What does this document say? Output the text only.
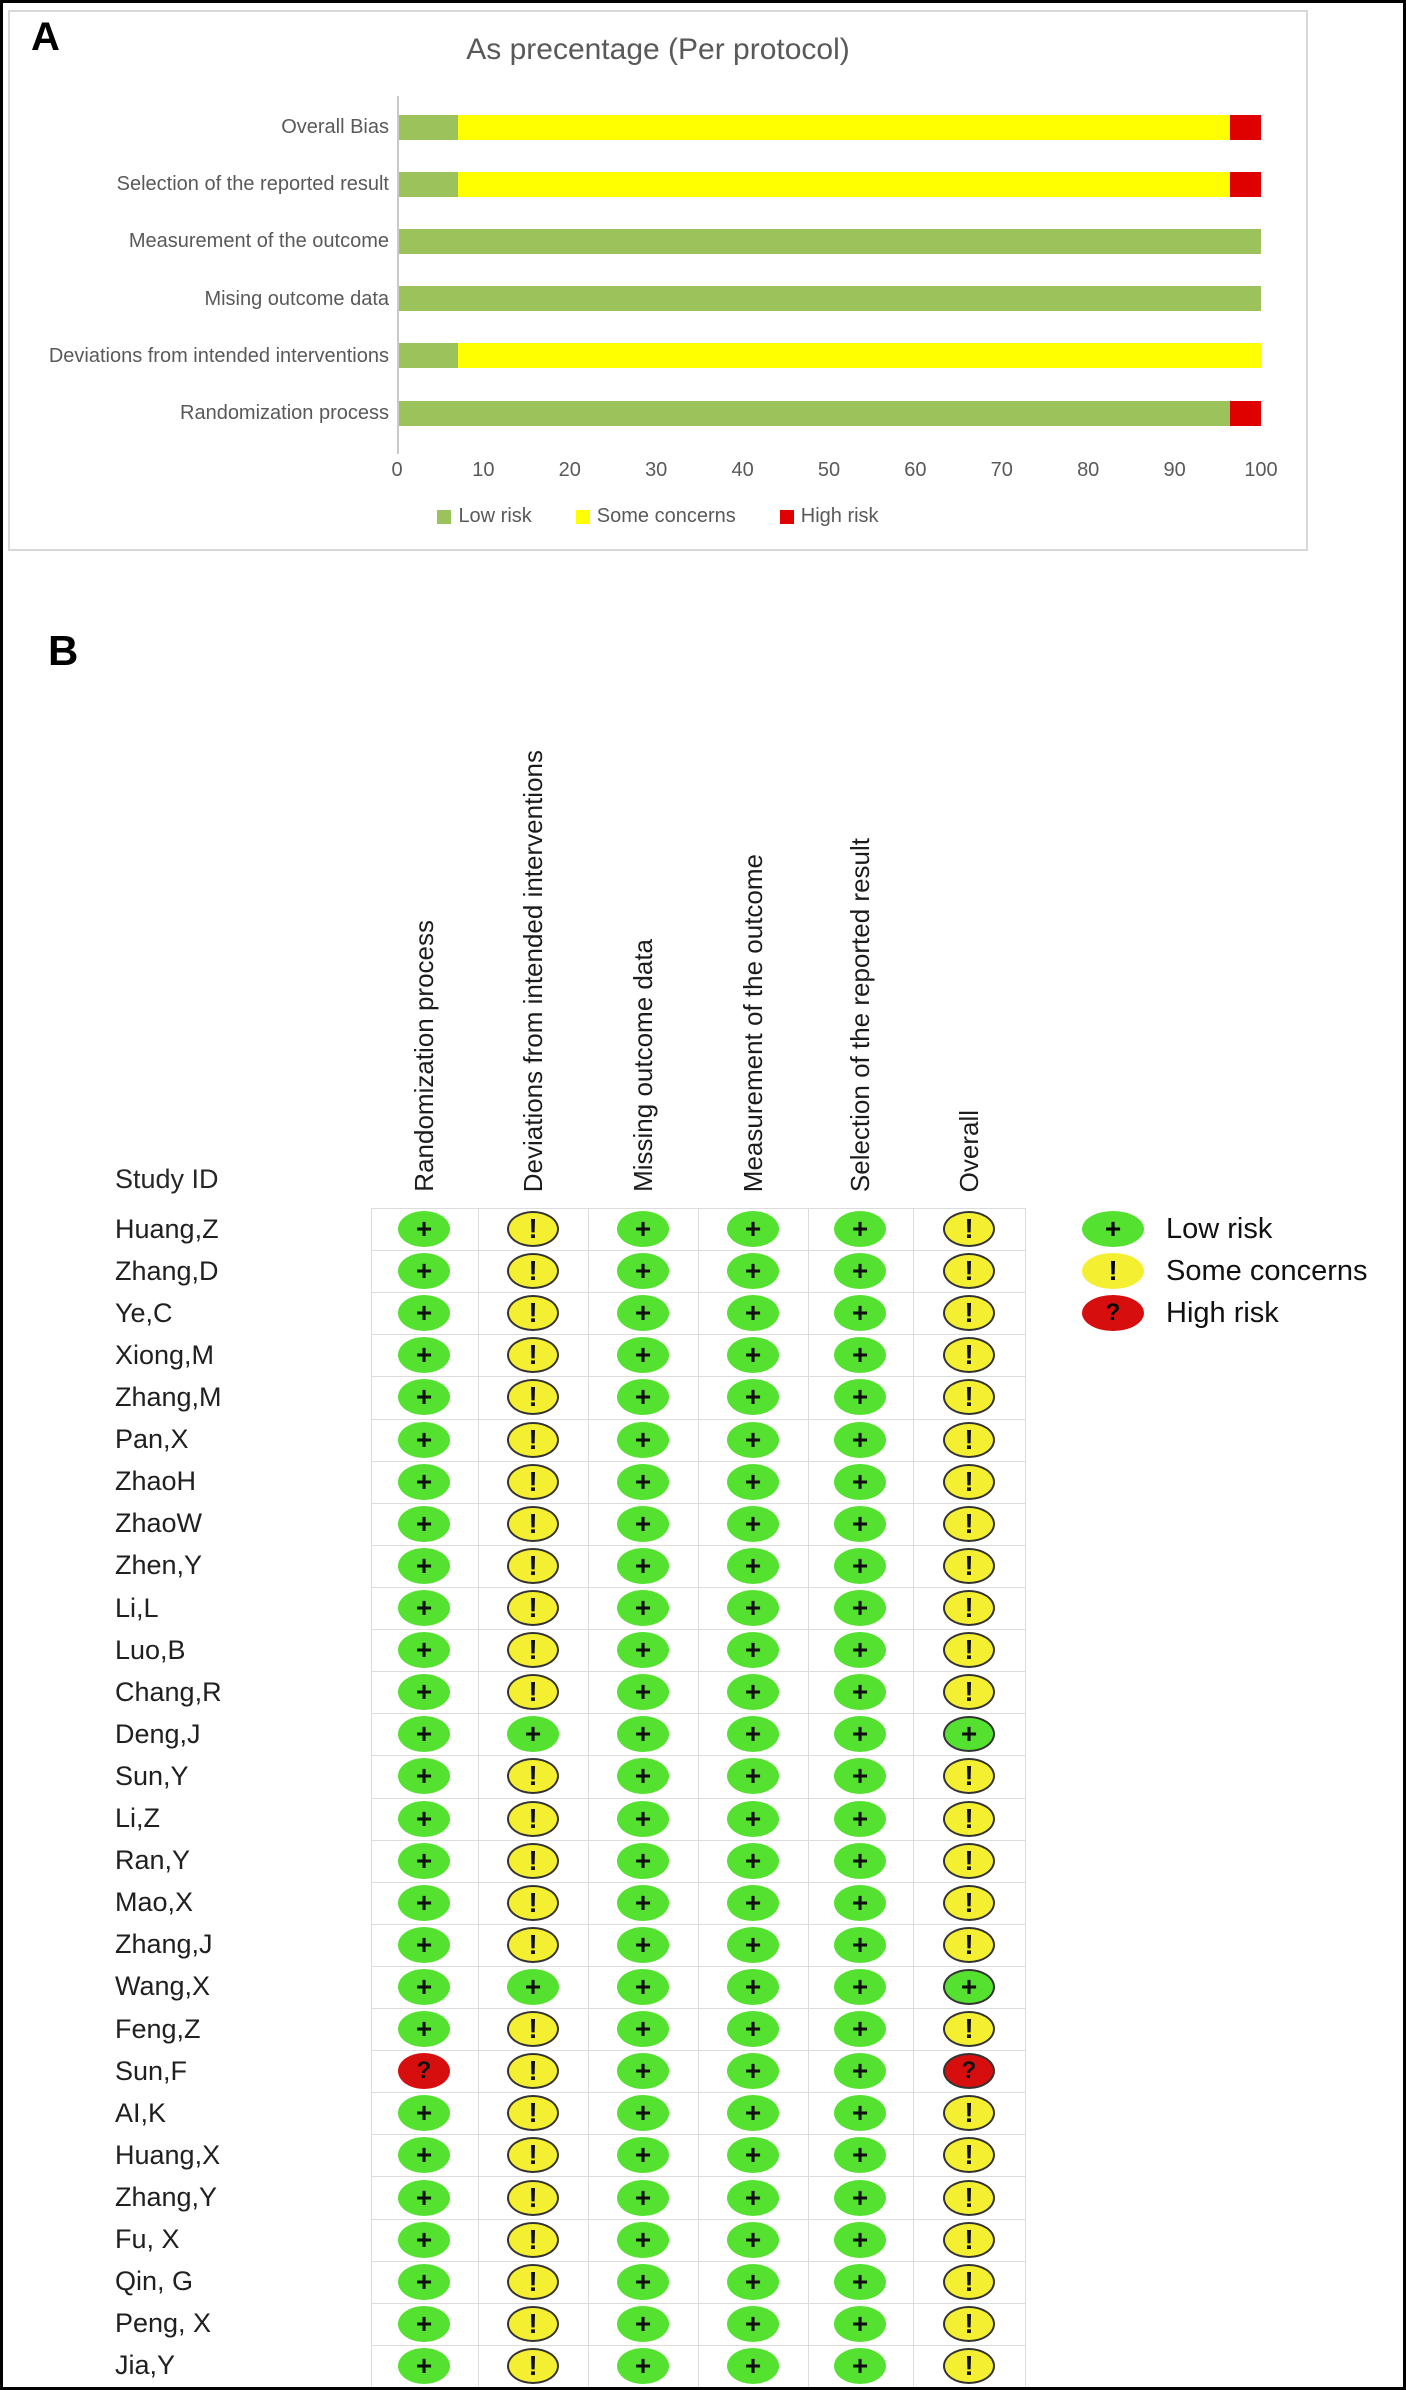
A	As precentage (Per protocol)
Overall Bias
Selection of the reported result
Measurement of the outcome
Mising outcome data
Deviations from intended interventions
Randomization process
0	10	20	30	40	50	60	70	80	90	100
Low risk	Some concerns	High risk
B
Study ID	Randomization process	Deviations from intended interventions	Missing outcome data	Measurement of the outcome	Selection of the reported result	Overall
Huang,Z	+	!	+	+	+	!
Zhang,D	+	!	+	+	+	!
Ye,C	+	!	+	+	+	!
Xiong,M	+	!	+	+	+	!
Zhang,M	+	!	+	+	+	!
Pan,X	+	!	+	+	+	!
ZhaoH	+	!	+	+	+	!
ZhaoW	+	!	+	+	+	!
Zhen,Y	+	!	+	+	+	!
Li,L	+	!	+	+	+	!
Luo,B	+	!	+	+	+	!
Chang,R	+	!	+	+	+	!
Deng,J	+	+	+	+	+	+
Sun,Y	+	!	+	+	+	!
Li,Z	+	!	+	+	+	!
Ran,Y	+	!	+	+	+	!
Mao,X	+	!	+	+	+	!
Zhang,J	+	!	+	+	+	!
Wang,X	+	+	+	+	+	+
Feng,Z	+	!	+	+	+	!
Sun,F	?	!	+	+	+	?
AI,K	+	!	+	+	+	!
Huang,X	+	!	+	+	+	!
Zhang,Y	+	!	+	+	+	!
Fu, X	+	!	+	+	+	!
Qin, G	+	!	+	+	+	!
Peng, X	+	!	+	+	+	!
Jia,Y	+	!	+	+	+	!
+ Low risk
! Some concerns
? High risk
